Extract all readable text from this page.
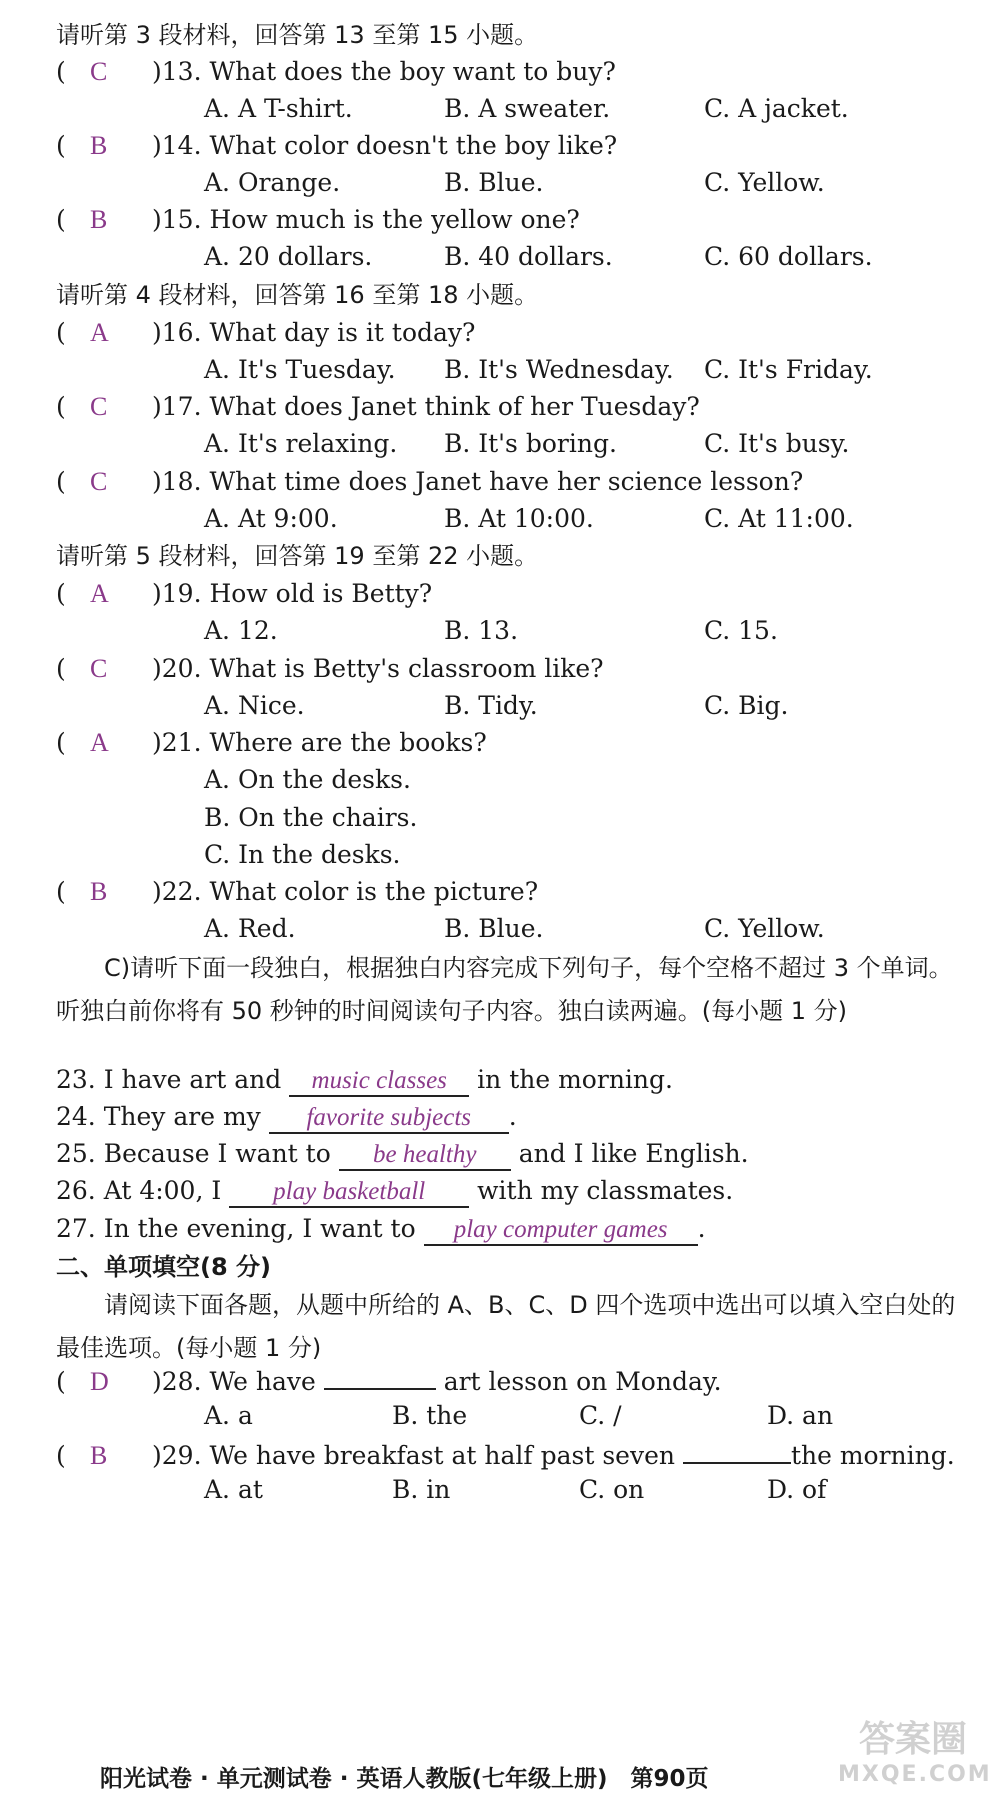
请听第 3 段材料，回答第 13 至第 15 小题。
( C )13. What does the boy want to buy?
A. A T-shirt.	B. A sweater.	C. A jacket.
( B )14. What color doesn't the boy like?
A. Orange.	B. Blue.	C. Yellow.
( B )15. How much is the yellow one?
A. 20 dollars.	B. 40 dollars.	C. 60 dollars.
请听第 4 段材料，回答第 16 至第 18 小题。
( A )16. What day is it today?
A. It's Tuesday. B. It's Wednesday. C. It's Friday.
( C )17. What does Janet think of her Tuesday?
A. It's relaxing. B. It's boring.	C. It's busy.
( C )18. What time does Janet have her science lesson?
A. At 9:00.	B. At 10:00.	C. At 11:00.
请听第 5 段材料，回答第 19 至第 22 小题。
( A )19. How old is Betty?
A. 12.	B. 13.	C. 15.
( C )20. What is Betty's classroom like?
A. Nice.	B. Tidy.	C. Big.
( A )21. Where are the books?
A. On the desks.
B. On the chairs.
C. In the desks.
( B )22. What color is the picture?
A. Red.	B. Blue.	C. Yellow.
C)请听下面一段独白，根据独白内容完成下列句子，每个空格不超过 3 个单词。听独白前你将有 50 秒钟的时间阅读句子内容。独白读两遍。(每小题 1 分)
23. I have art and music classes in the morning.
24. They are my favorite subjects .
25. Because I want to be healthy and I like English.
26. At 4:00, I play basketball with my classmates.
27. In the evening, I want to play computer games .
二、单项填空(8 分)
请阅读下面各题，从题中所给的 A、B、C、D 四个选项中选出可以填入空白处的最佳选项。(每小题 1 分)
( D )28. We have	art lesson on Monday.
A. a	B. the	C. /	D. an
( B )29. We have breakfast at half past seven	the morning.
A. at	B. in	C. on	D. of
阳光试卷 · 单元测试卷 · 英语人教版(七年级上册)　第90页
答案圈
MXQE.COM
